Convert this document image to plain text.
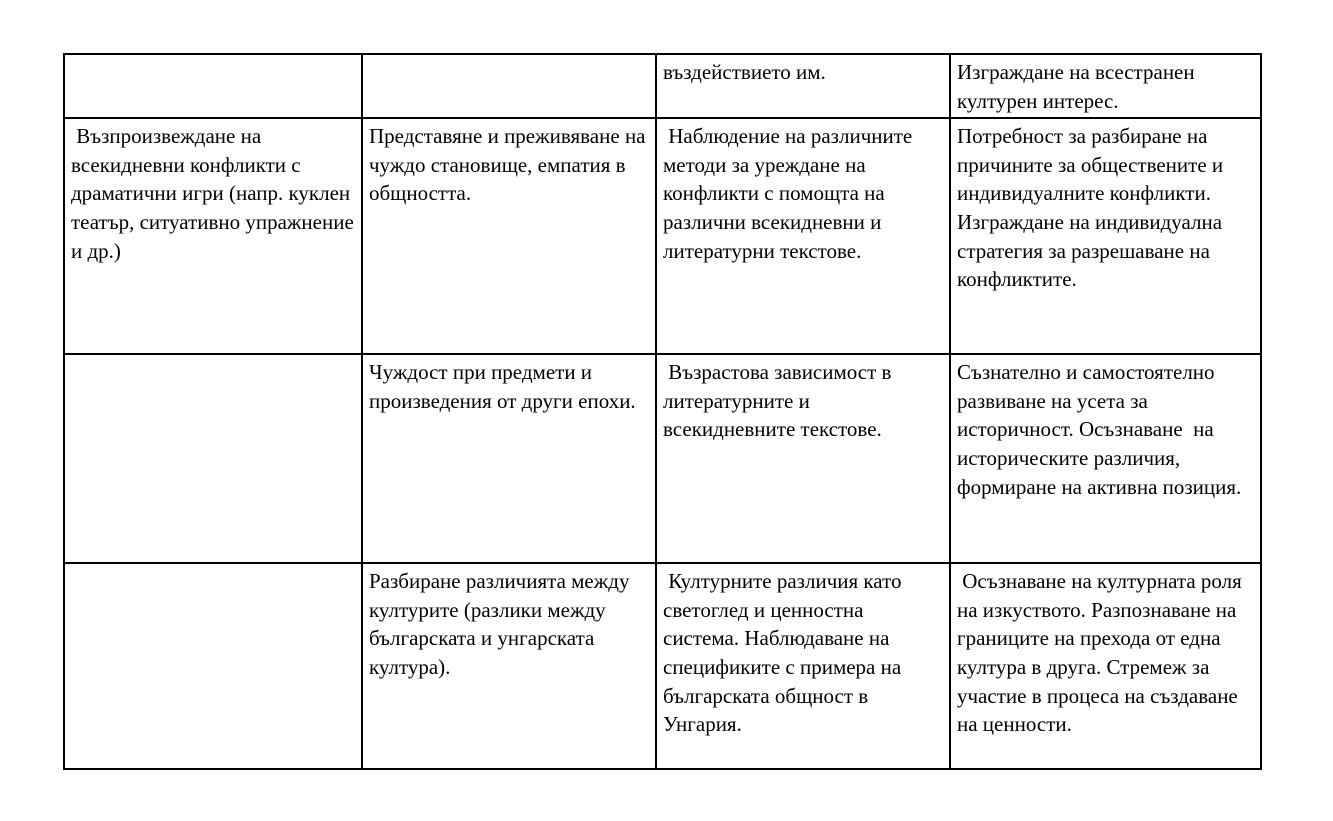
		въздействието им.	Изграждане на всестранен културен интерес.
Възпроизвеждане на всекидневни конфликти с драматични игри (напр. куклен театър, ситуативно упражнение и др.)	Представяне и преживяване на чуждо становище, емпатия в общността.	Наблюдение на различните методи за уреждане на конфликти с помощта на различни всекидневни и литературни текстове.	Потребност за разбиране на причините за обществените и индивидуалните конфликти. Изграждане на индивидуална стратегия за разрешаване на конфликтите.
	Чуждост при предмети и произведения от други епохи.	Възрастова зависимост в литературните и всекидневните текстове.	Съзнателно и самостоятелно развиване на усета за историчност. Осъзнаване  на историческите различия, формиране на активна позиция.
	Разбиране различията между културите (разлики между българската и унгарската култура).	Културните различия като светоглед и ценностна система. Наблюдаване на спецификите с примера на българската общност в Унгария.	Осъзнаване на културната роля на изкуството. Разпознаване на границите на прехода от една култура в друга. Стремеж за участие в процеса на създаване на ценности.
